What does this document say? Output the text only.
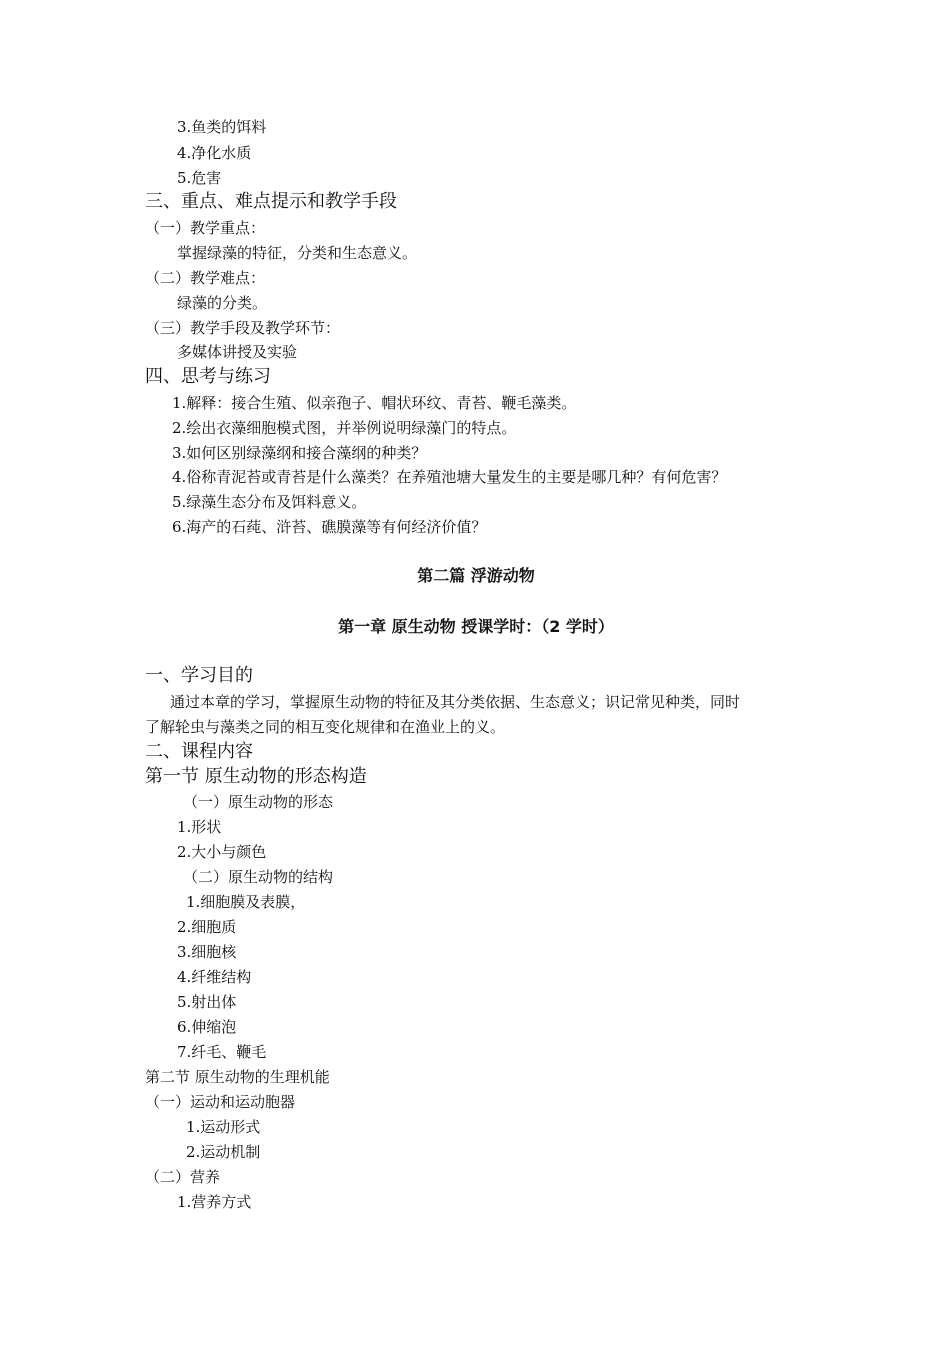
3.鱼类的饵料
4.净化水质
5.危害
三、重点、难点提示和教学手段
（一）教学重点：
掌握绿藻的特征，分类和生态意义。
（二）教学难点：
绿藻的分类。
（三）教学手段及教学环节：
多媒体讲授及实验
四、思考与练习
1.解释：接合生殖、似亲孢子、帽状环纹、青苔、鞭毛藻类。
2.绘出衣藻细胞模式图，并举例说明绿藻门的特点。
3.如何区别绿藻纲和接合藻纲的种类？
4.俗称青泥苔或青苔是什么藻类？在养殖池塘大量发生的主要是哪几种？有何危害？
5.绿藻生态分布及饵料意义。
6.海产的石莼、浒苔、礁膜藻等有何经济价值？
第二篇 浮游动物
第一章 原生动物 授课学时：（2 学时）
一、学习目的
通过本章的学习，掌握原生动物的特征及其分类依据、生态意义；识记常见种类，同时
了解轮虫与藻类之同的相互变化规律和在渔业上的义。
二、课程内容
第一节 原生动物的形态构造
（一）原生动物的形态
1.形状
2.大小与颜色
（二）原生动物的结构
1.细胞膜及表膜，
2.细胞质
3.细胞核
4.纤维结构
5.射出体
6.伸缩泡
7.纤毛、鞭毛
第二节 原生动物的生理机能
（一）运动和运动胞器
1.运动形式
2.运动机制
（二）营养
1.营养方式
